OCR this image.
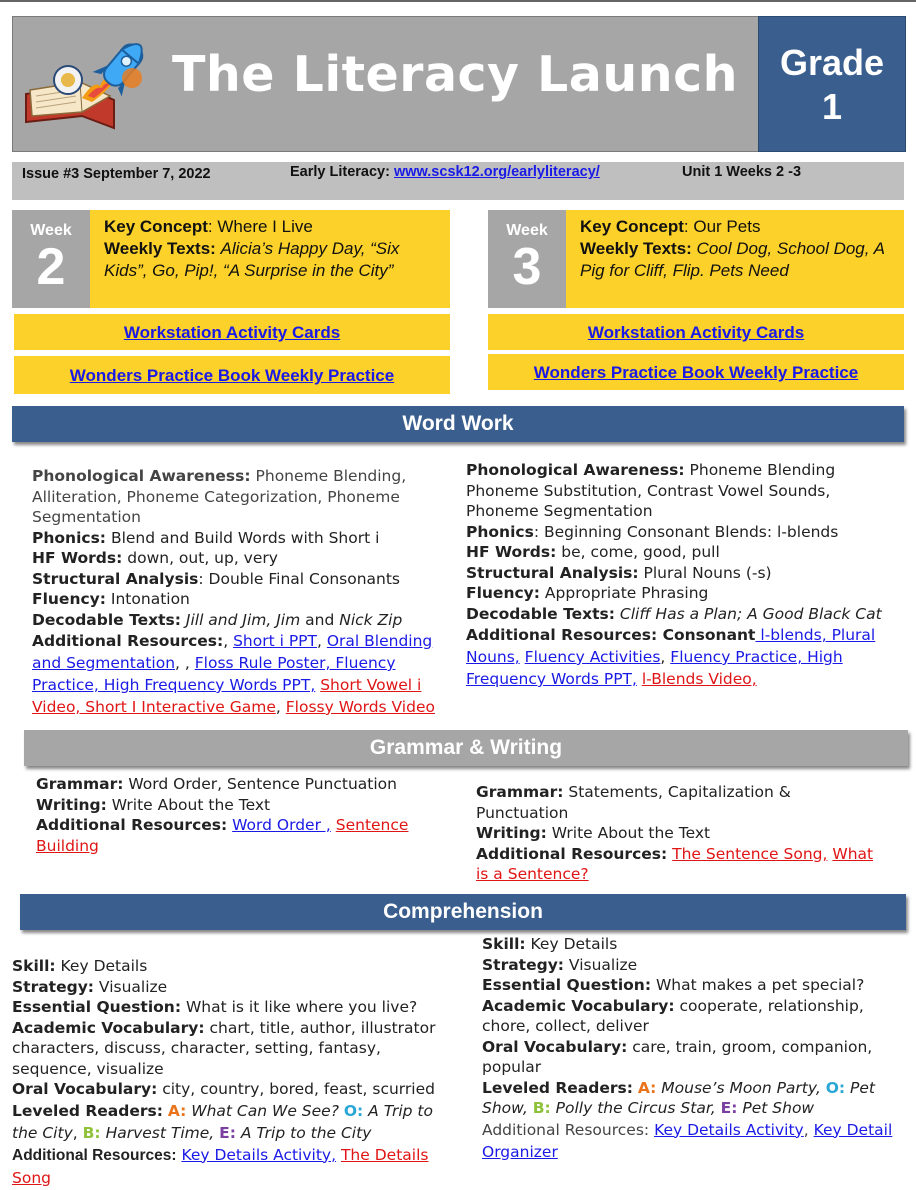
The Literacy Launch	Grade
1
Issue #3 September 7, 2022	Early Literacy: www.scsk12.org/earlyliteracy/	Unit 1 Weeks 2 -3
Week
2
Key Concept: Where I Live
Weekly Texts: Alicia’s Happy Day, “Six Kids”, Go, Pip!, “A Surprise in the City”
Workstation Activity Cards
Wonders Practice Book Weekly Practice
Week
3
Key Concept: Our Pets
Weekly Texts: Cool Dog, School Dog, A Pig for Cliff, Flip. Pets Need
Workstation Activity Cards
Wonders Practice Book Weekly Practice
Word Work
Phonological Awareness: Phoneme Blending, Alliteration, Phoneme Categorization, Phoneme Segmentation
Phonics: Blend and Build Words with Short i
HF Words: down, out, up, very
Structural Analysis: Double Final Consonants
Fluency: Intonation
Decodable Texts: Jill and Jim, Jim and Nick Zip
Additional Resources:, Short i PPT, Oral Blending and Segmentation, , Floss Rule Poster, Fluency Practice, High Frequency Words PPT, Short Vowel i Video, Short I Interactive Game, Flossy Words Video
Phonological Awareness: Phoneme Blending Phoneme Substitution, Contrast Vowel Sounds, Phoneme Segmentation
Phonics: Beginning Consonant Blends: l-blends
HF Words: be, come, good, pull
Structural Analysis: Plural Nouns (-s)
Fluency: Appropriate Phrasing
Decodable Texts: Cliff Has a Plan; A Good Black Cat
Additional Resources: Consonant l-blends, Plural Nouns, Fluency Activities, Fluency Practice, High Frequency Words PPT, l-Blends Video,
Grammar & Writing
Grammar: Word Order, Sentence Punctuation
Writing: Write About the Text
Additional Resources: Word Order , Sentence Building
Grammar: Statements, Capitalization & Punctuation
Writing: Write About the Text
Additional Resources: The Sentence Song, What is a Sentence?
Comprehension
Skill: Key Details
Strategy: Visualize
Essential Question: What is it like where you live?
Academic Vocabulary: chart, title, author, illustrator characters, discuss, character, setting, fantasy, sequence, visualize
Oral Vocabulary: city, country, bored, feast, scurried
Leveled Readers: A: What Can We See? O: A Trip to the City, B: Harvest Time, E: A Trip to the City
Additional Resources: Key Details Activity, The Details Song
Skill: Key Details
Strategy: Visualize
Essential Question: What makes a pet special?
Academic Vocabulary: cooperate, relationship, chore, collect, deliver
Oral Vocabulary: care, train, groom, companion, popular
Leveled Readers: A: Mouse’s Moon Party, O: Pet Show, B: Polly the Circus Star, E: Pet Show
Additional Resources: Key Details Activity, Key Detail Organizer
